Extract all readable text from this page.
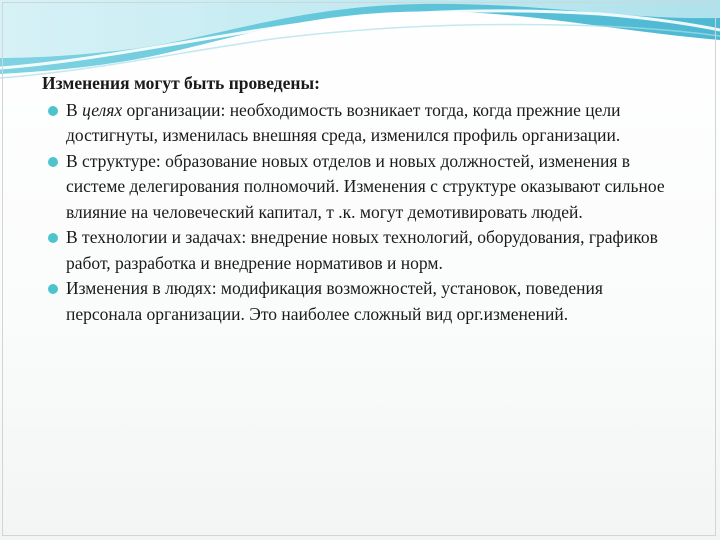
Изменения могут быть проведены:
В целях организации: необходимость возникает тогда, когда прежние цели достигнуты, изменилась внешняя среда, изменился профиль организации.
В структуре: образование новых отделов и новых должностей, изменения в системе делегирования полномочий. Изменения с структуре оказывают сильное влияние на человеческий капитал, т .к. могут демотивировать людей.
В технологии и задачах: внедрение новых технологий, оборудования, графиков работ, разработка и внедрение нормативов и норм.
Изменения в людях: модификация возможностей, установок, поведения персонала организации. Это наиболее сложный вид орг.изменений.
